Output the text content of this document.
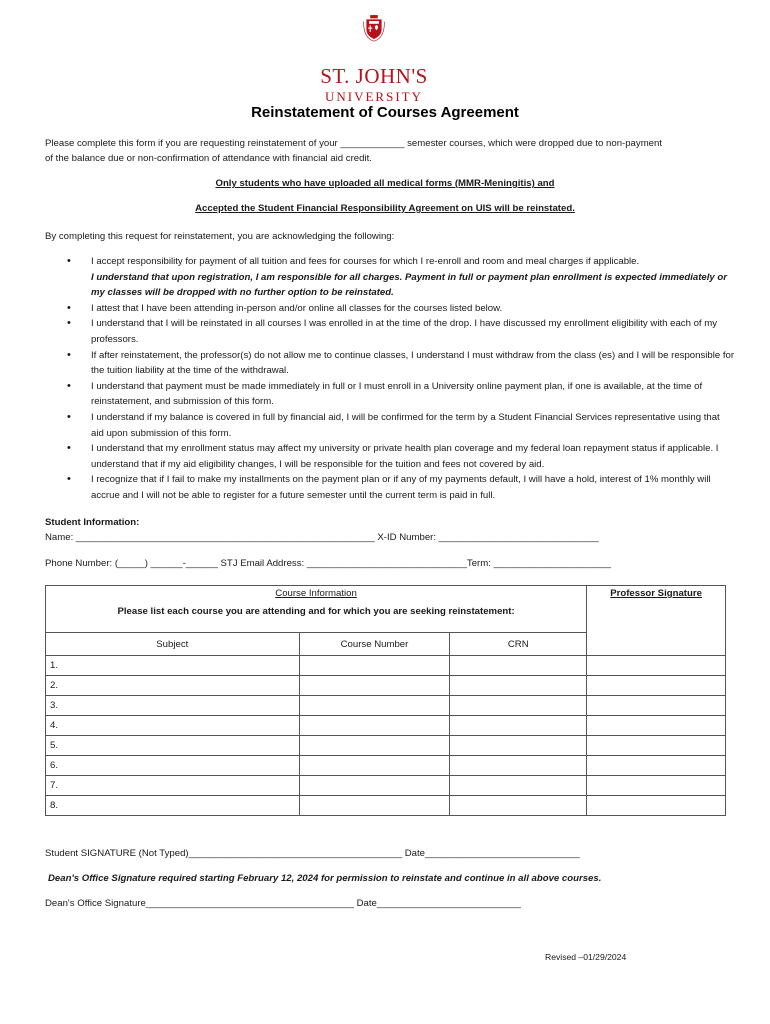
ST. JOHN'S
UNIVERSITY
Reinstatement of Courses Agreement
Please complete this form if you are requesting reinstatement of your ____________ semester courses, which were dropped due to non-payment
of the balance due or non-confirmation of attendance with financial aid credit.
Only students who have uploaded all medical forms (MMR-Meningitis) and
Accepted the Student Financial Responsibility Agreement on UIS will be reinstated.
By completing this request for reinstatement, you are acknowledging the following:
• I accept responsibility for payment of all tuition and fees for courses for which I re-enroll and room and meal charges if applicable.
I understand that upon registration, I am responsible for all charges. Payment in full or payment plan enrollment is expected immediately or my classes will be dropped with no further option to be reinstated.
• I attest that I have been attending in-person and/or online all classes for the courses listed below.
• I understand that I will be reinstated in all courses I was enrolled in at the time of the drop. I have discussed my enrollment eligibility with each of my professors.
• If after reinstatement, the professor(s) do not allow me to continue classes, I understand I must withdraw from the class (es) and I will be responsible for the tuition liability at the time of the withdrawal.
• I understand that payment must be made immediately in full or I must enroll in a University online payment plan, if one is available, at the time of reinstatement, and submission of this form.
• I understand if my balance is covered in full by financial aid, I will be confirmed for the term by a Student Financial Services representative using that aid upon submission of this form.
• I understand that my enrollment status may affect my university or private health plan coverage and my federal loan repayment status if applicable. I understand that if my aid eligibility changes, I will be responsible for the tuition and fees not covered by aid.
• I recognize that if I fail to make my installments on the payment plan or if any of my payments default, I will have a hold, interest of 1% monthly will accrue and I will not be able to register for a future semester until the current term is paid in full.
Student Information:
Name: ________________________________________________________ X-ID Number: ______________________________
Phone Number: (_____) ______-______ STJ Email Address: ______________________________Term: ______________________
Course Information
Please list each course you are attending and for which you are seeking reinstatement:			Professor Signature
Subject	Course Number	CRN	
1.			
2.			
3.			
4.			
5.			
6.			
7.			
8.			
Student SIGNATURE (Not Typed)________________________________________ Date_____________________________
Dean's Office Signature required starting February 12, 2024 for permission to reinstate and continue in all above courses.
Dean's Office Signature_______________________________________ Date___________________________
Revised –01/29/2024
